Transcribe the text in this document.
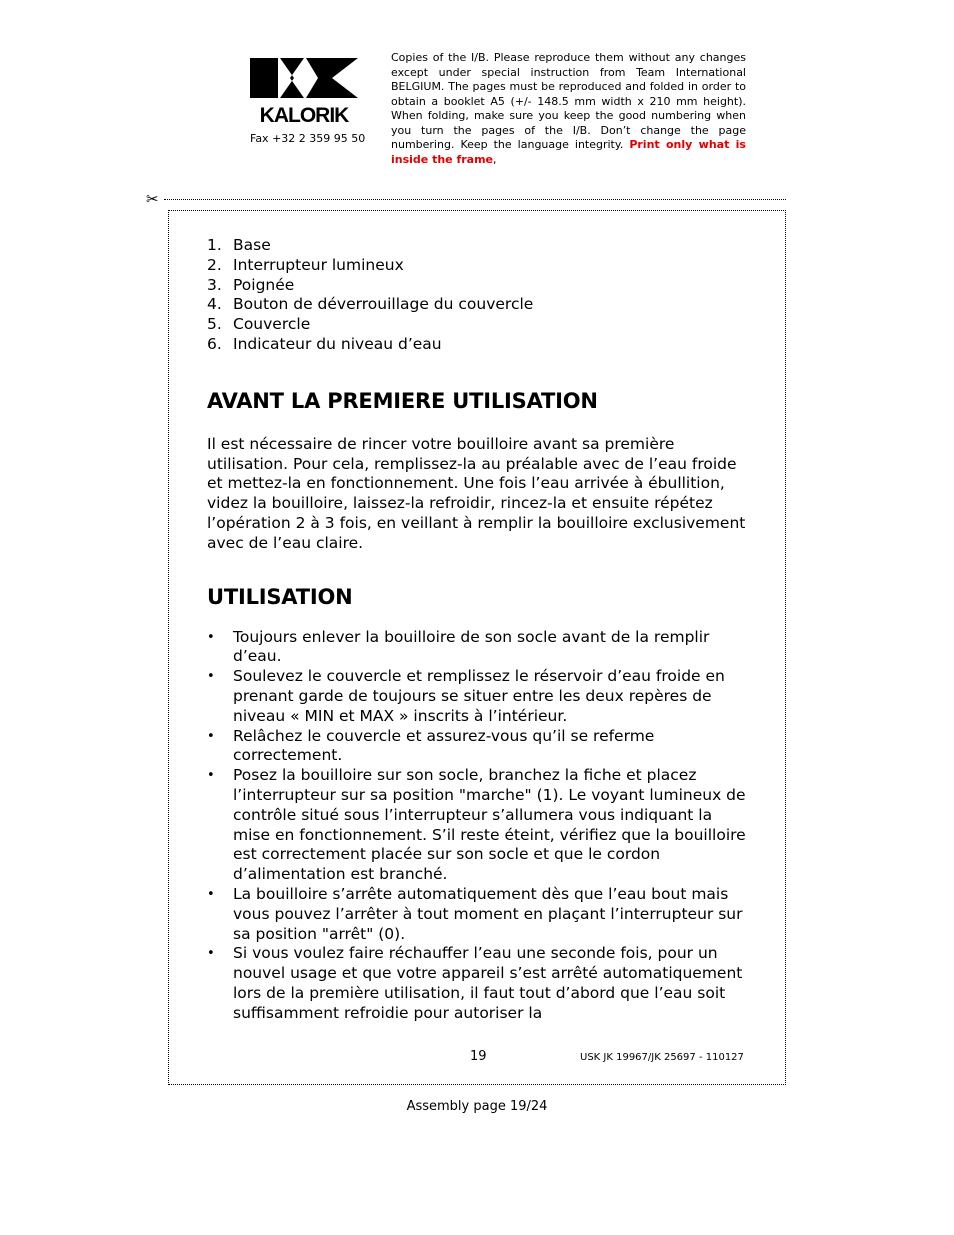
KALORIK
Fax +32 2 359 95 50
Copies of the I/B. Please reproduce them without any changes except under special instruction from Team International BELGIUM. The pages must be reproduced and folded in order to obtain a booklet A5 (+/- 148.5 mm width x 210 mm height). When folding, make sure you keep the good numbering when you turn the pages of the I/B. Don’t change the page numbering. Keep the language integrity. Print only what is inside the frame,
✂
1. Base
2. Interrupteur lumineux
3. Poignée
4. Bouton de déverrouillage du couvercle
5. Couvercle
6. Indicateur du niveau d’eau
AVANT LA PREMIERE UTILISATION

Il est nécessaire de rincer votre bouilloire avant sa première utilisation. Pour cela, remplissez-la au préalable avec de l’eau froide et mettez-la en fonctionnement. Une fois l’eau arrivée à ébullition, videz la bouilloire, laissez-la refroidir, rincez-la et ensuite répétez l’opération 2 à 3 fois, en veillant à remplir la bouilloire exclusivement avec de l’eau claire.

UTILISATION
• Toujours enlever la bouilloire de son socle avant de la remplir d’eau.
• Soulevez le couvercle et remplissez le réservoir d’eau froide en prenant garde de toujours se situer entre les deux repères de niveau « MIN et MAX » inscrits à l’intérieur.
• Relâchez le couvercle et assurez-vous qu’il se referme correctement.
• Posez la bouilloire sur son socle, branchez la fiche et placez l’interrupteur sur sa position "marche" (1). Le voyant lumineux de contrôle situé sous l’interrupteur s’allumera vous indiquant la mise en fonctionnement. S’il reste éteint, vérifiez que la bouilloire est correctement placée sur son socle et que le cordon d’alimentation est branché.
• La bouilloire s’arrête automatiquement dès que l’eau bout mais vous pouvez l’arrêter à tout moment en plaçant l’interrupteur sur sa position "arrêt" (0).
• Si vous voulez faire réchauffer l’eau une seconde fois, pour un nouvel usage et que votre appareil s’est arrêté automatiquement lors de la première utilisation, il faut tout d’abord que l’eau soit suffisamment refroidie pour autoriser la
19	USK JK 19967/JK 25697 - 110127
Assembly page 19/24
